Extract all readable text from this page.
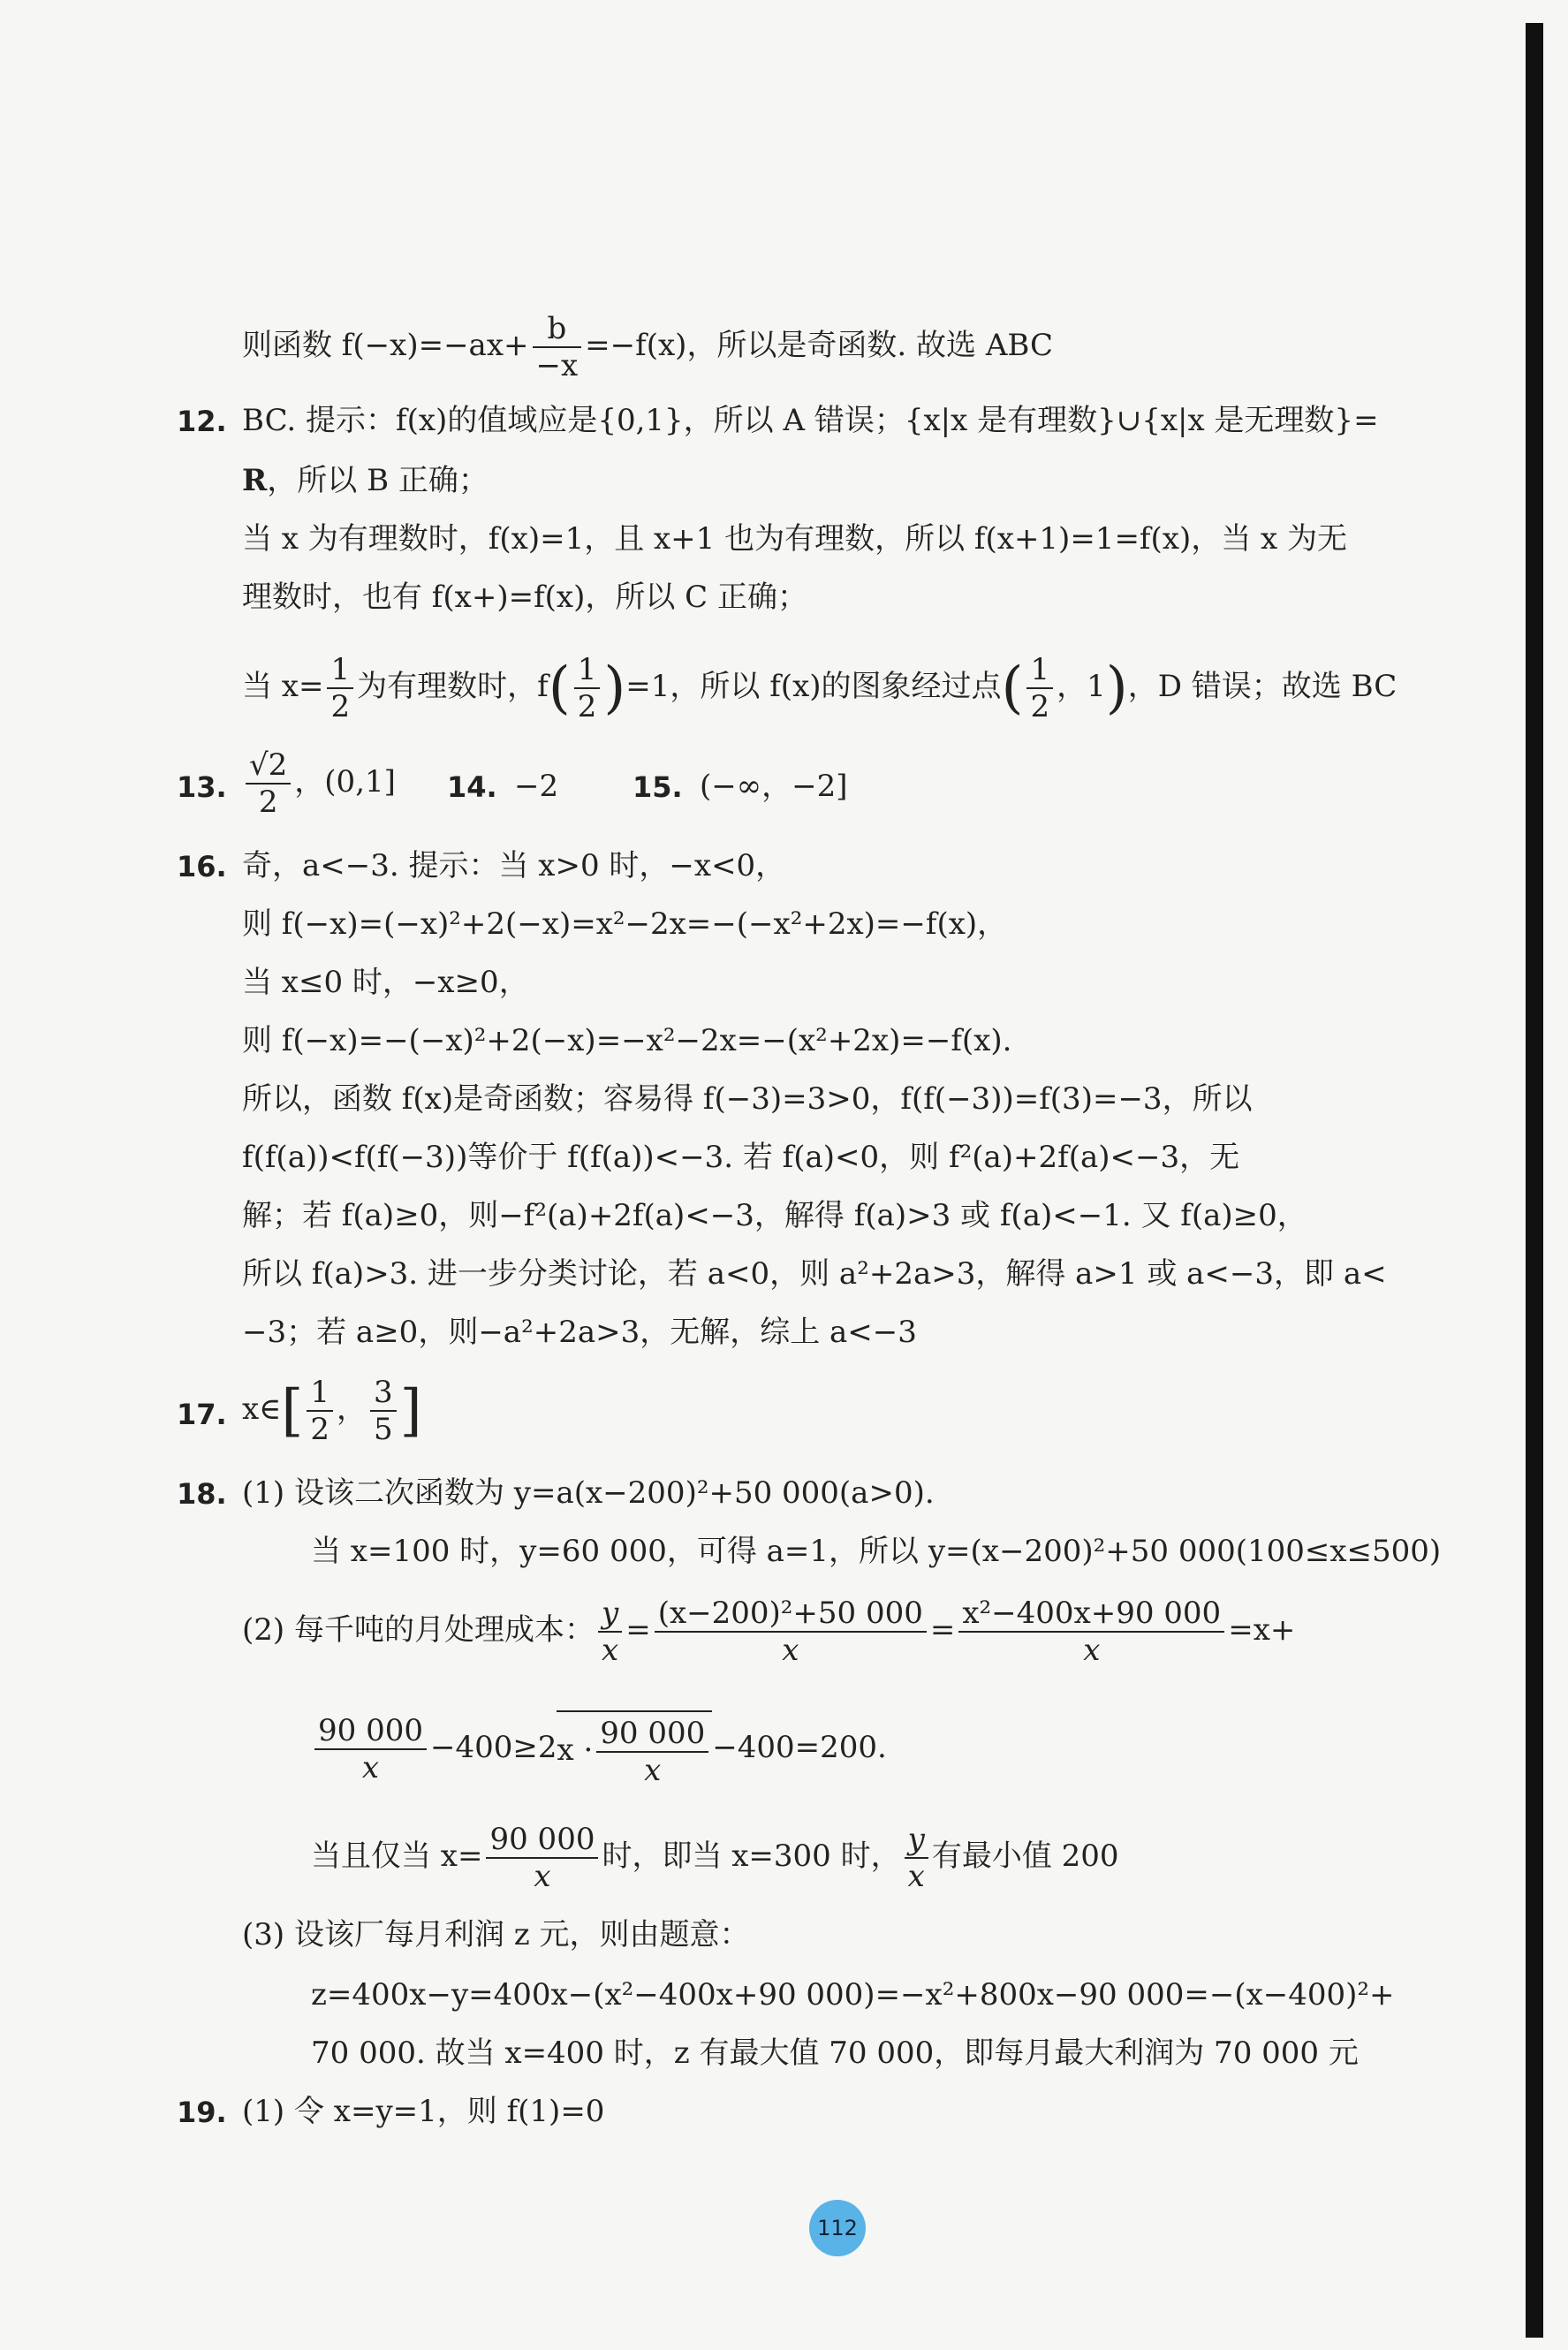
则函数 $f(-x)=-ax+ \frac{b}{-x} =-f(x)$，所以是奇函数. 故选 ABC
12. BC. 提示：f(x)的值域应是{0,1}，所以 A 错误；{x|x 是有理数}∪{x|x 是无理数}=
R，所以 B 正确；
当 x 为有理数时，f(x)=1，且 x+1 也为有理数，所以 f(x+1)=1=f(x)，当 x 为无
理数时，也有 f(x+)=f(x)，所以 C 正确；
当 $x= \frac{1}{2}$ 为有理数时，$f( \frac{1}{2} )=1$，所以 f(x)的图象经过点( $\frac{1}{2}$ ，1)，D 错误；故选 BC
13. $\frac{√2}{2}$ ，(0,1] 14. −2	15. (−∞，−2]
16. 奇，a<−3. 提示：当 x>0 时，−x<0，
则 f(−x)=(−x)²+2(−x)=x²−2x=−(−x²+2x)=−f(x)，
当 x≤0 时，−x≥0，
则 f(−x)=−(−x)²+2(−x)=−x²−2x=−(x²+2x)=−f(x).
所以，函数 f(x)是奇函数；容易得 f(−3)=3>0，f(f(−3))=f(3)=−3，所以
f(f(a))<f(f(−3))等价于 f(f(a))<−3. 若 f(a)<0，则 f²(a)+2f(a)<−3，无
解；若 f(a)≥0，则−f²(a)+2f(a)<−3，解得 f(a)>3 或 f(a)<−1. 又 f(a)≥0，
所以 f(a)>3. 进一步分类讨论，若 a<0，则 a²+2a>3，解得 a>1 或 a<−3，即 a<
−3；若 a≥0，则−a²+2a>3，无解，综上 a<−3
17. x∈[ $\frac{1}{2}$ ， $\frac{3}{5}$ ]
18. (1) 设该二次函数为 y=a(x−200)²+50 000(a>0).
当 x=100 时，y=60 000，可得 a=1，所以 y=(x−200)²+50 000(100≤x≤500)
(2) 每千吨的月处理成本： $\frac{y}{x} = \frac{\text{(x−200)²+50 000}}{x} = \frac{\text{x²−400x+90 000}}{x} =x+$
$\frac{90 000}{x} -400\ge 2x \cdot \frac{90 000}{x} -400=200$.
当且仅当 $x= \frac{90 000}{x}$ 时，即当 x=300 时， $\frac{y}{x}$ 有最小值 200
(3) 设该厂每月利润 z 元，则由题意：
z=400x−y=400x−(x²−400x+90 000)=−x²+800x−90 000=−(x−400)²+
70 000. 故当 x=400 时，z 有最大值 70 000，即每月最大利润为 70 000 元
19. (1) 令 x=y=1，则 f(1)=0
112
